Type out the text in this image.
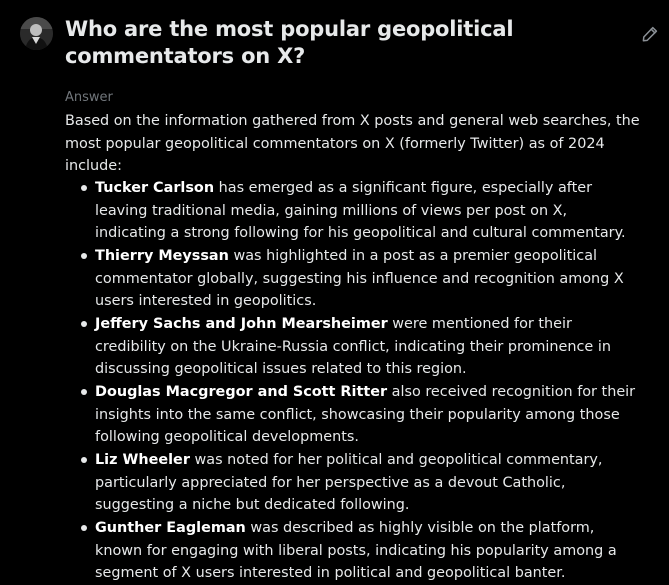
Who are the most popular geopolitical commentators on X?
Answer

Based on the information gathered from X posts and general web searches, the most popular geopolitical commentators on X (formerly Twitter) as of 2024 include:

Tucker Carlson has emerged as a significant figure, especially after leaving traditional media, gaining millions of views per post on X, indicating a strong following for his geopolitical and cultural commentary.
Thierry Meyssan was highlighted in a post as a premier geopolitical commentator globally, suggesting his influence and recognition among X users interested in geopolitics.
Jeffery Sachs and John Mearsheimer were mentioned for their credibility on the Ukraine-Russia conflict, indicating their prominence in discussing geopolitical issues related to this region.
Douglas Macgregor and Scott Ritter also received recognition for their insights into the same conflict, showcasing their popularity among those following geopolitical developments.
Liz Wheeler was noted for her political and geopolitical commentary, particularly appreciated for her perspective as a devout Catholic, suggesting a niche but dedicated following.
Gunther Eagleman was described as highly visible on the platform, known for engaging with liberal posts, indicating his popularity among a segment of X users interested in political and geopolitical banter.
